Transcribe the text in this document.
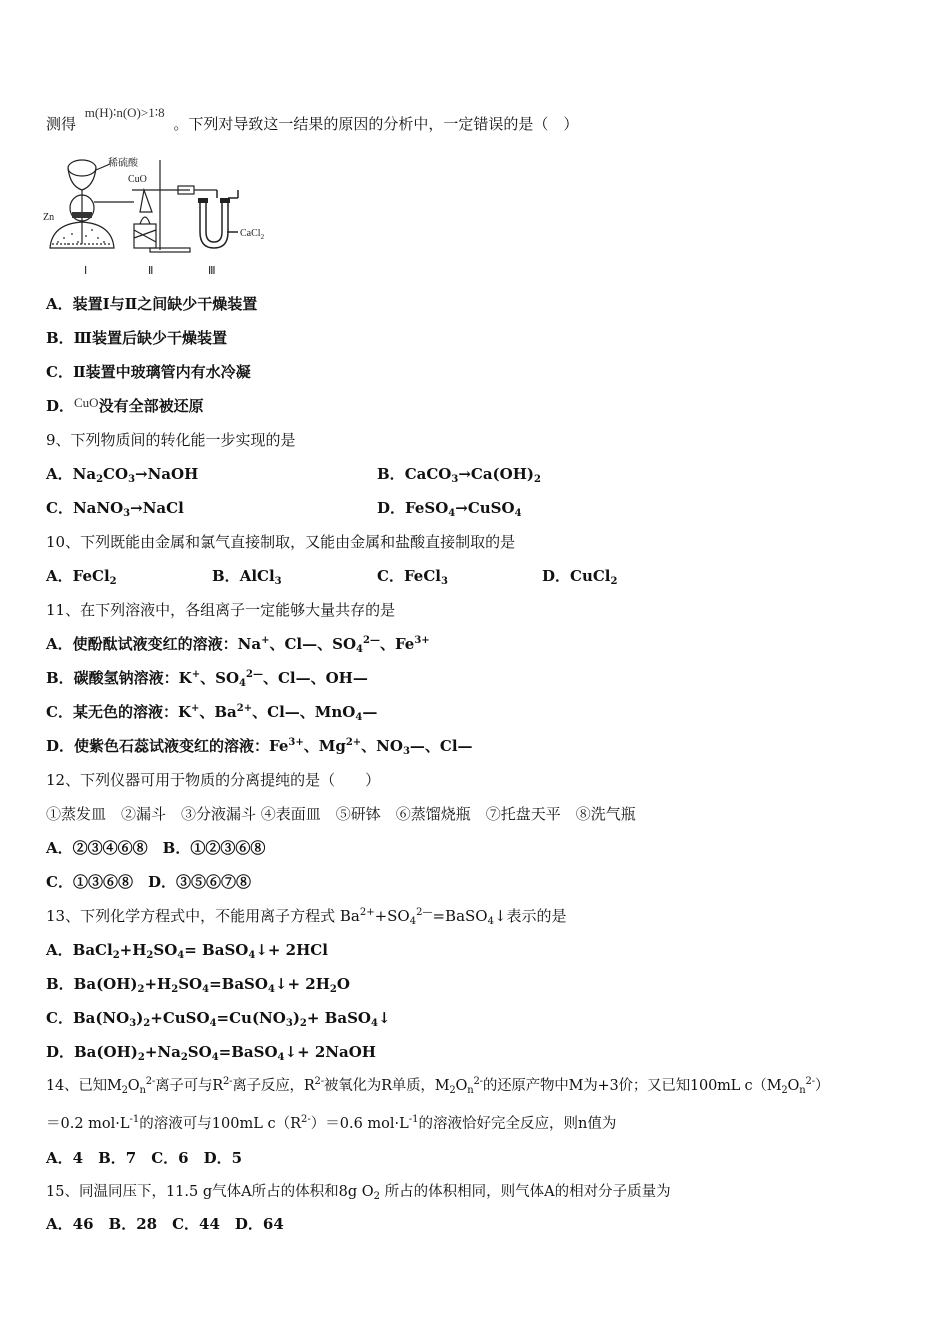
测得 m(H)∶n(O)>1∶8 。下列对导致这一结果的原因的分析中，一定错误的是（　）
稀硫酸
CuO
Zn
CaCl$_2$
Ⅰ	Ⅱ	Ⅲ
A．装置Ⅰ与Ⅱ之间缺少干燥装置
B．Ⅲ装置后缺少干燥装置
C．Ⅱ装置中玻璃管内有水冷凝
D．CuO没有全部被还原
9、下列物质间的转化能一步实现的是
A．$Na_2CO_3\to NaOH$	B．$CaCO_3\to Ca(OH)_2$
C．NaNO$_3$→NaCl	D．FeSO$_4$→CuSO$_4$
10、下列既能由金属和氯气直接制取，又能由金属和盐酸直接制取的是
A．FeCl$_2$	B．AlCl$_3$	C．FeCl$_3$	D．CuCl$_2$
11、在下列溶液中，各组离子一定能够大量共存的是
A．使酚酞试液变红的溶液：Na+、Cl—、$SO_4^{2—}$、$Fe^{3+}$
B．碳酸氢钠溶液：K+、$SO_4^{2—}$、Cl—、OH—
C．某无色的溶液：K+、$Ba^{2+}$、Cl—、MnO$_4$—
D．使紫色石蕊试液变红的溶液：$Fe^{3+}$、$Mg^{2+}$、$NO_3—$、Cl—
12、下列仪器可用于物质的分离提纯的是（　　）
①蒸发皿　②漏斗　③分液漏斗 ④表面皿　⑤研钵　⑥蒸馏烧瓶　⑦托盘天平　⑧洗气瓶
A．②③④⑥⑧　B．①②③⑥⑧
C．①③⑥⑧　D．③⑤⑥⑦⑧
13、下列化学方程式中，不能用离子方程式 $Ba^{2+}+SO_4^{2—}=BaSO_4↓$表示的是
A．$BaCl_2+H_2SO_4=$ BaSO$_4$↓+ 2HCl
B．$Ba(OH)_2+H_2SO_4=BaSO_4↓+ 2H_2O$
C．$Ba(NO_3)_2+CuSO_4=Cu(NO_3)_2+$ BaSO$_4$↓
D．$Ba(OH)_2+Na_2SO_4=BaSO_4↓+$ 2NaOH
14、已知$M_2O_n^{2-}$离子可与$R^{2-}$离子反应，$R^{2-}$被氧化为R单质，$M_2O_n^{2-}$的还原产物中M为+3价；又已知100mL $c(M_2O_n^{2-})$
＝0.2 $mol\cdot L^{-1}$的溶液可与100mL $c(R^{2-})=0.6$ $mol\cdot L^{-1}$的溶液恰好完全反应，则n值为
A．4　B．7　C．6　D．5
15、同温同压下，11.5 g气体A所占的体积和8g $O_2$ 所占的体积相同，则气体A的相对分子质量为
A．46　B．28　C．44　D．64
